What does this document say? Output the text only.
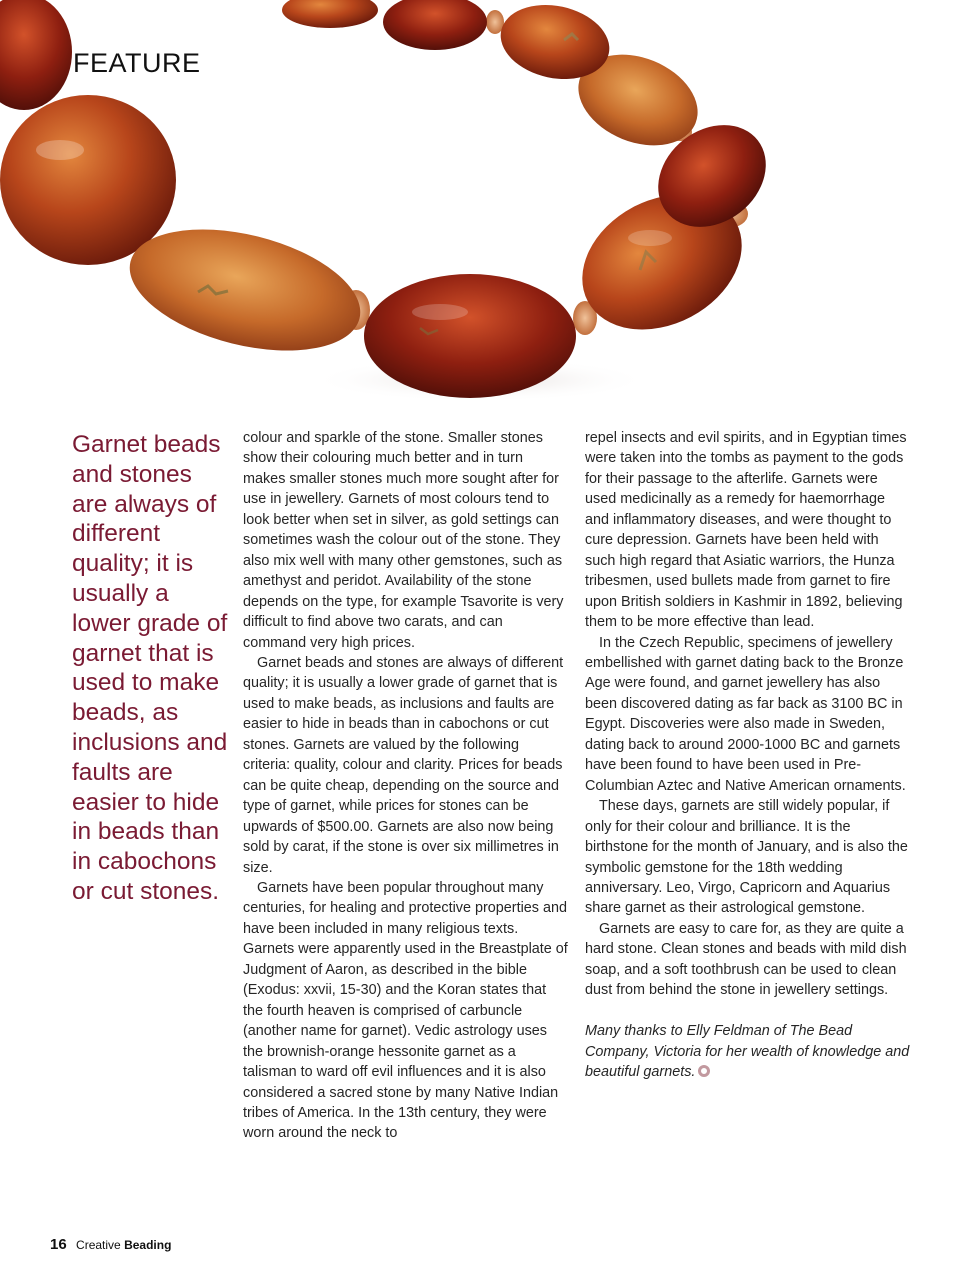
FEATURE
Garnet beads and stones are always of different quality; it is usually a lower grade of garnet that is used to make beads, as inclusions and faults are easier to hide in beads than in cabochons or cut stones.

colour and sparkle of the stone. Smaller stones show their colouring much better and in turn makes smaller stones much more sought after for use in jewellery. Garnets of most colours tend to look better when set in silver, as gold settings can sometimes wash the colour out of the stone. They also mix well with many other gemstones, such as amethyst and peridot. Availability of the stone depends on the type, for example Tsavorite is very difficult to find above two carats, and can command very high prices.

Garnet beads and stones are always of different quality; it is usually a lower grade of garnet that is used to make beads, as inclusions and faults are easier to hide in beads than in cabochons or cut stones. Garnets are valued by the following criteria: quality, colour and clarity. Prices for beads can be quite cheap, depending on the source and type of garnet, while prices for stones can be upwards of $500.00. Garnets are also now being sold by carat, if the stone is over six millimetres in size.

Garnets have been popular throughout many centuries, for healing and protective properties and have been included in many religious texts. Garnets were apparently used in the Breastplate of Judgment of Aaron, as described in the bible (Exodus: xxvii, 15-30) and the Koran states that the fourth heaven is comprised of carbuncle (another name for garnet). Vedic astrology uses the brownish-orange hessonite garnet as a talisman to ward off evil influences and it is also considered a sacred stone by many Native Indian tribes of America. In the 13th century, they were worn around the neck to

repel insects and evil spirits, and in Egyptian times were taken into the tombs as payment to the gods for their passage to the afterlife. Garnets were used medicinally as a remedy for haemorrhage and inflammatory diseases, and were thought to cure depression. Garnets have been held with such high regard that Asiatic warriors, the Hunza tribesmen, used bullets made from garnet to fire upon British soldiers in Kashmir in 1892, believing them to be more effective than lead.

In the Czech Republic, specimens of jewellery embellished with garnet dating back to the Bronze Age were found, and garnet jewellery has also been discovered dating as far back as 3100 BC in Egypt. Discoveries were also made in Sweden, dating back to around 2000-1000 BC and garnets have been found to have been used in Pre-Columbian Aztec and Native American ornaments.

These days, garnets are still widely popular, if only for their colour and brilliance. It is the birthstone for the month of January, and is also the symbolic gemstone for the 18th wedding anniversary. Leo, Virgo, Capricorn and Aquarius share garnet as their astrological gemstone.

Garnets are easy to care for, as they are quite a hard stone. Clean stones and beads with mild dish soap, and a soft toothbrush can be used to clean dust from behind the stone in jewellery settings.

Many thanks to Elly Feldman of The Bead Company, Victoria for her wealth of knowledge and beautiful garnets.

16 Creative Beading
